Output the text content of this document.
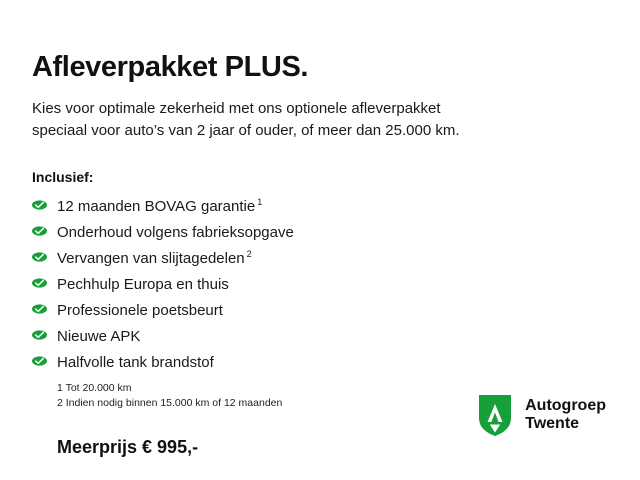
Afleverpakket PLUS.

Kies voor optimale zekerheid met ons optionele afleverpakket
speciaal voor auto’s van 2 jaar of ouder, of meer dan 25.000 km.

Inclusief:
12 maanden BOVAG garantie $^1$
Onderhoud volgens fabrieksopgave
Vervangen van slijtagedelen $^2$
Pechhulp Europa en thuis
Professionele poetsbeurt
Nieuwe APK
Halfvolle tank brandstof
1 Tot 20.000 km
2 Indien nodig binnen 15.000 km of 12 maanden
Meerprijs € 995,-
Autogroep
Twente
